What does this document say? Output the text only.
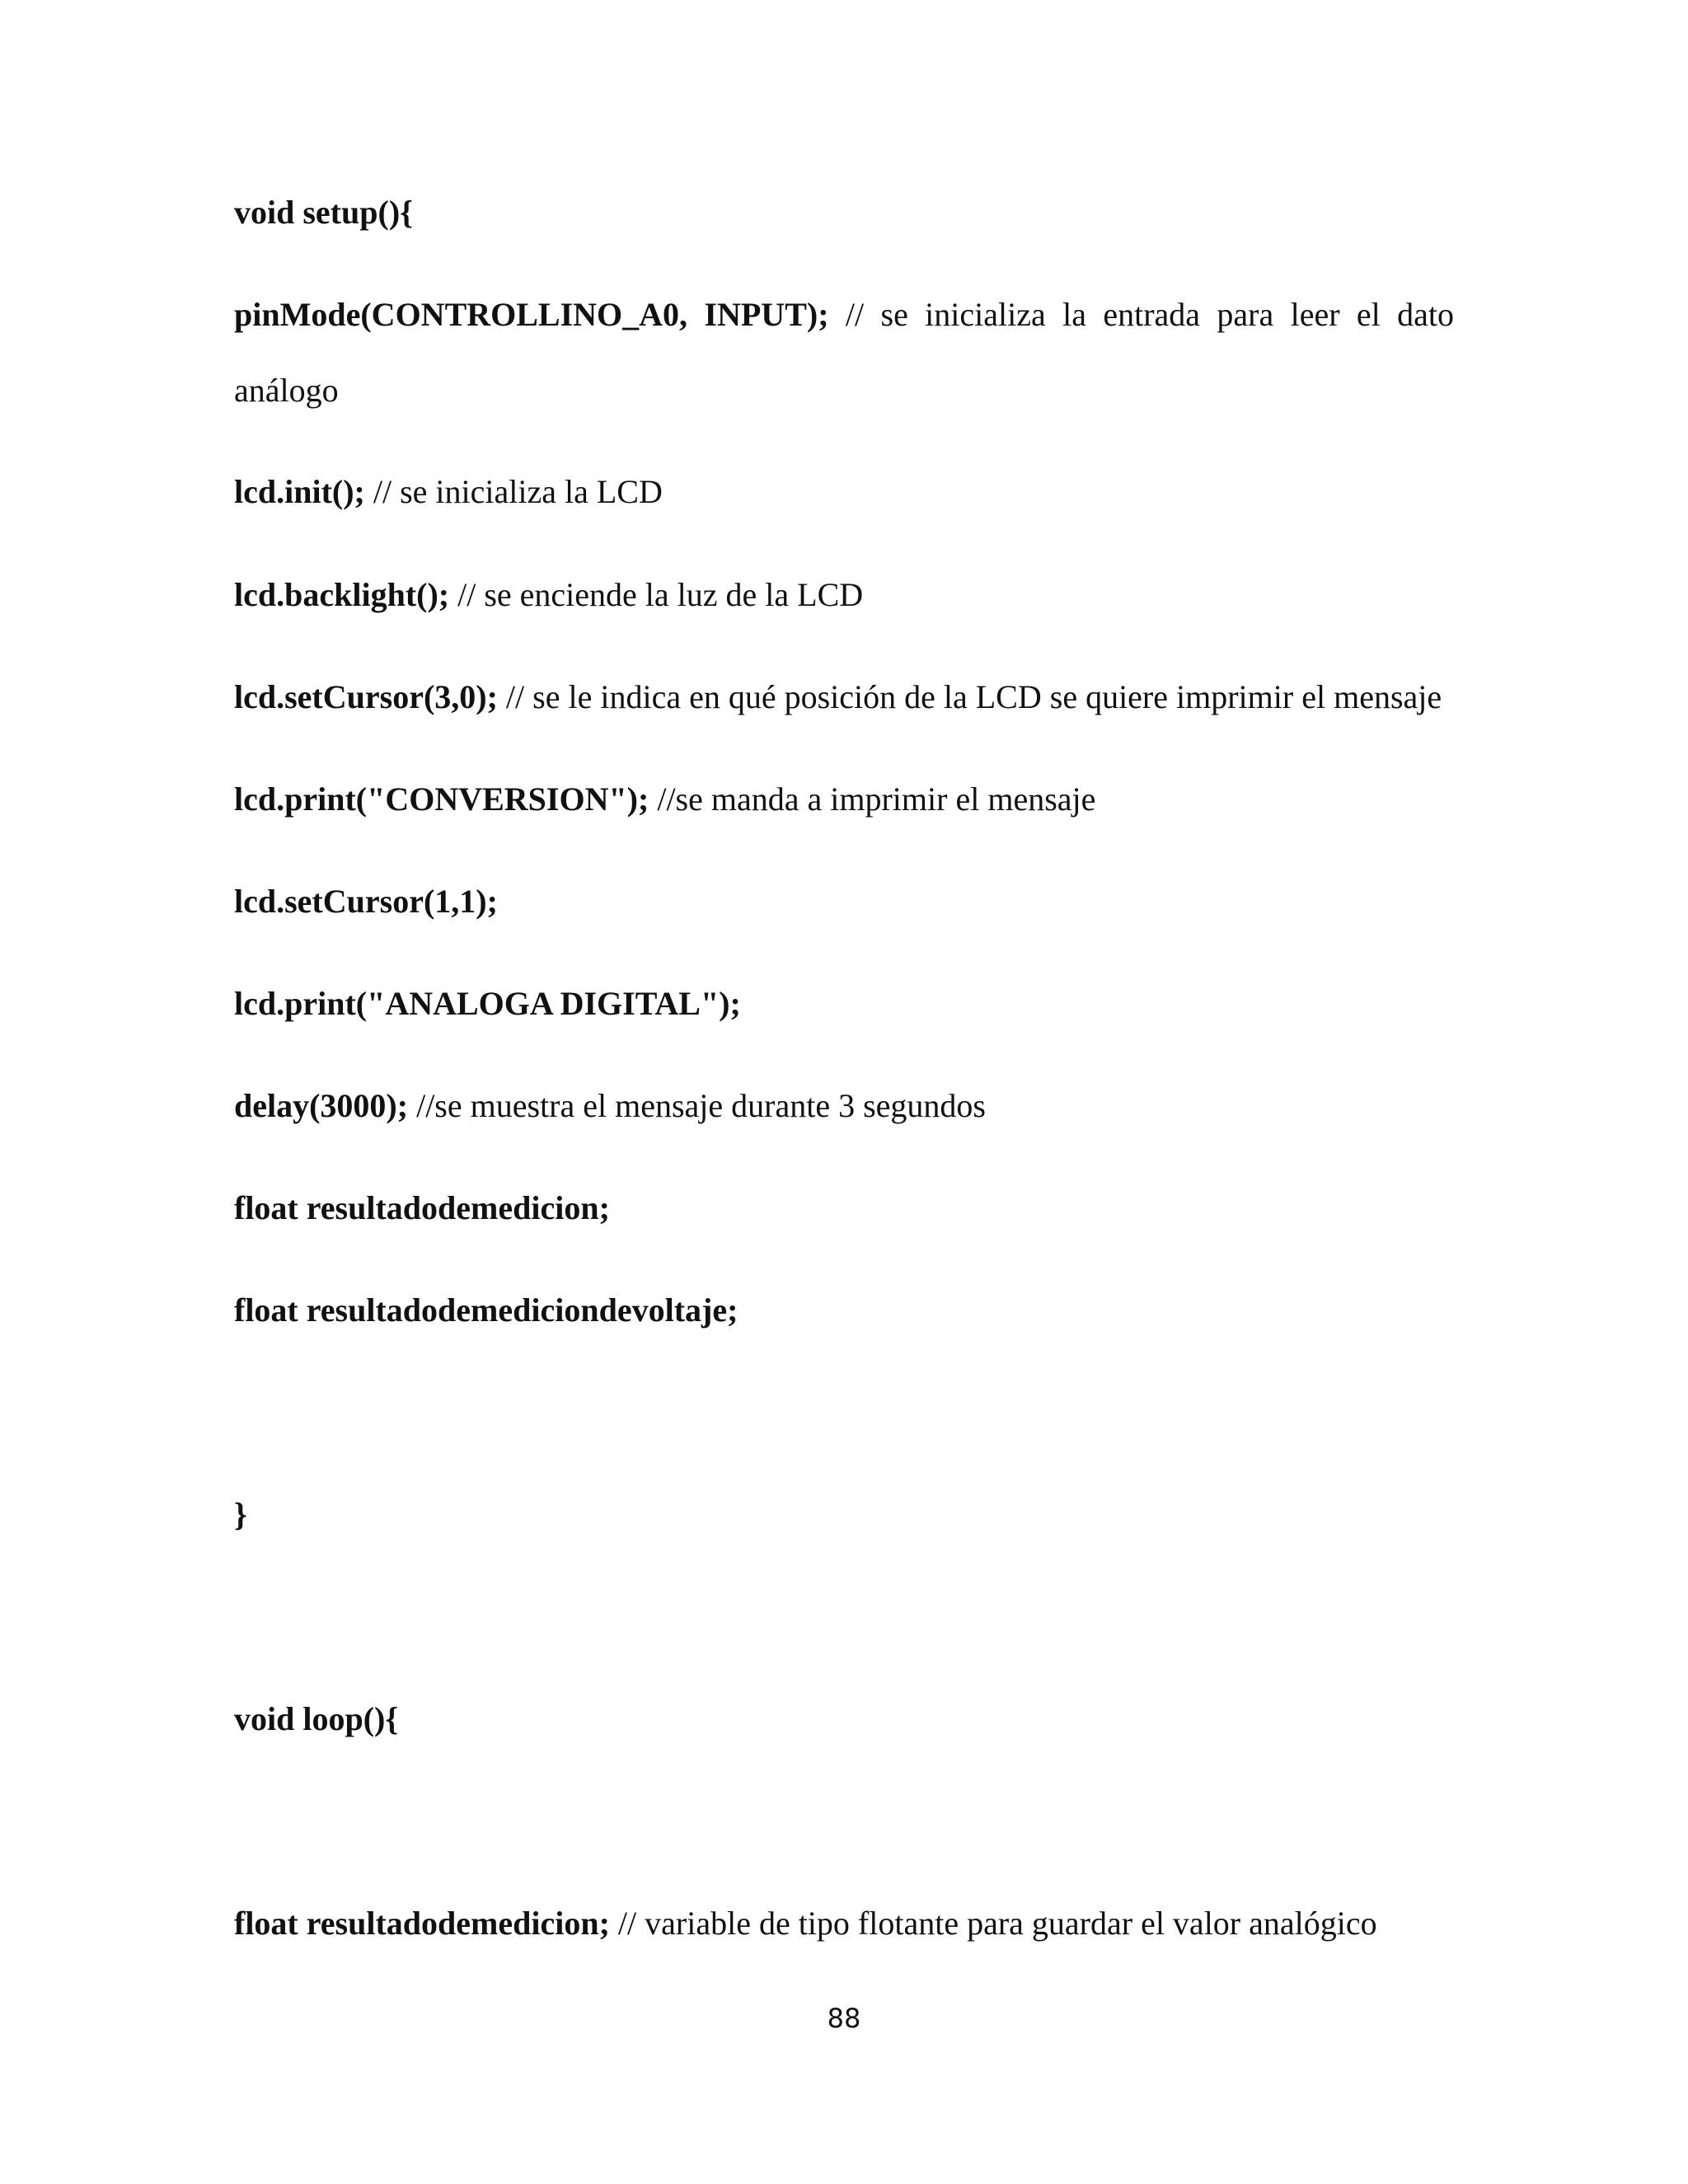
void setup(){
pinMode(CONTROLLINO_A0, INPUT); // se inicializa la entrada para leer el dato
análogo
lcd.init(); // se inicializa la LCD
lcd.backlight(); // se enciende la luz de la LCD
lcd.setCursor(3,0); // se le indica en qué posición de la LCD se quiere imprimir el mensaje
lcd.print("CONVERSION"); //se manda a imprimir el mensaje
lcd.setCursor(1,1);
lcd.print("ANALOGA DIGITAL");
delay(3000); //se muestra el mensaje durante 3 segundos
float resultadodemedicion;
float resultadodemediciondevoltaje;
}
void loop(){
float resultadodemedicion; // variable de tipo flotante para guardar el valor analógico
88
